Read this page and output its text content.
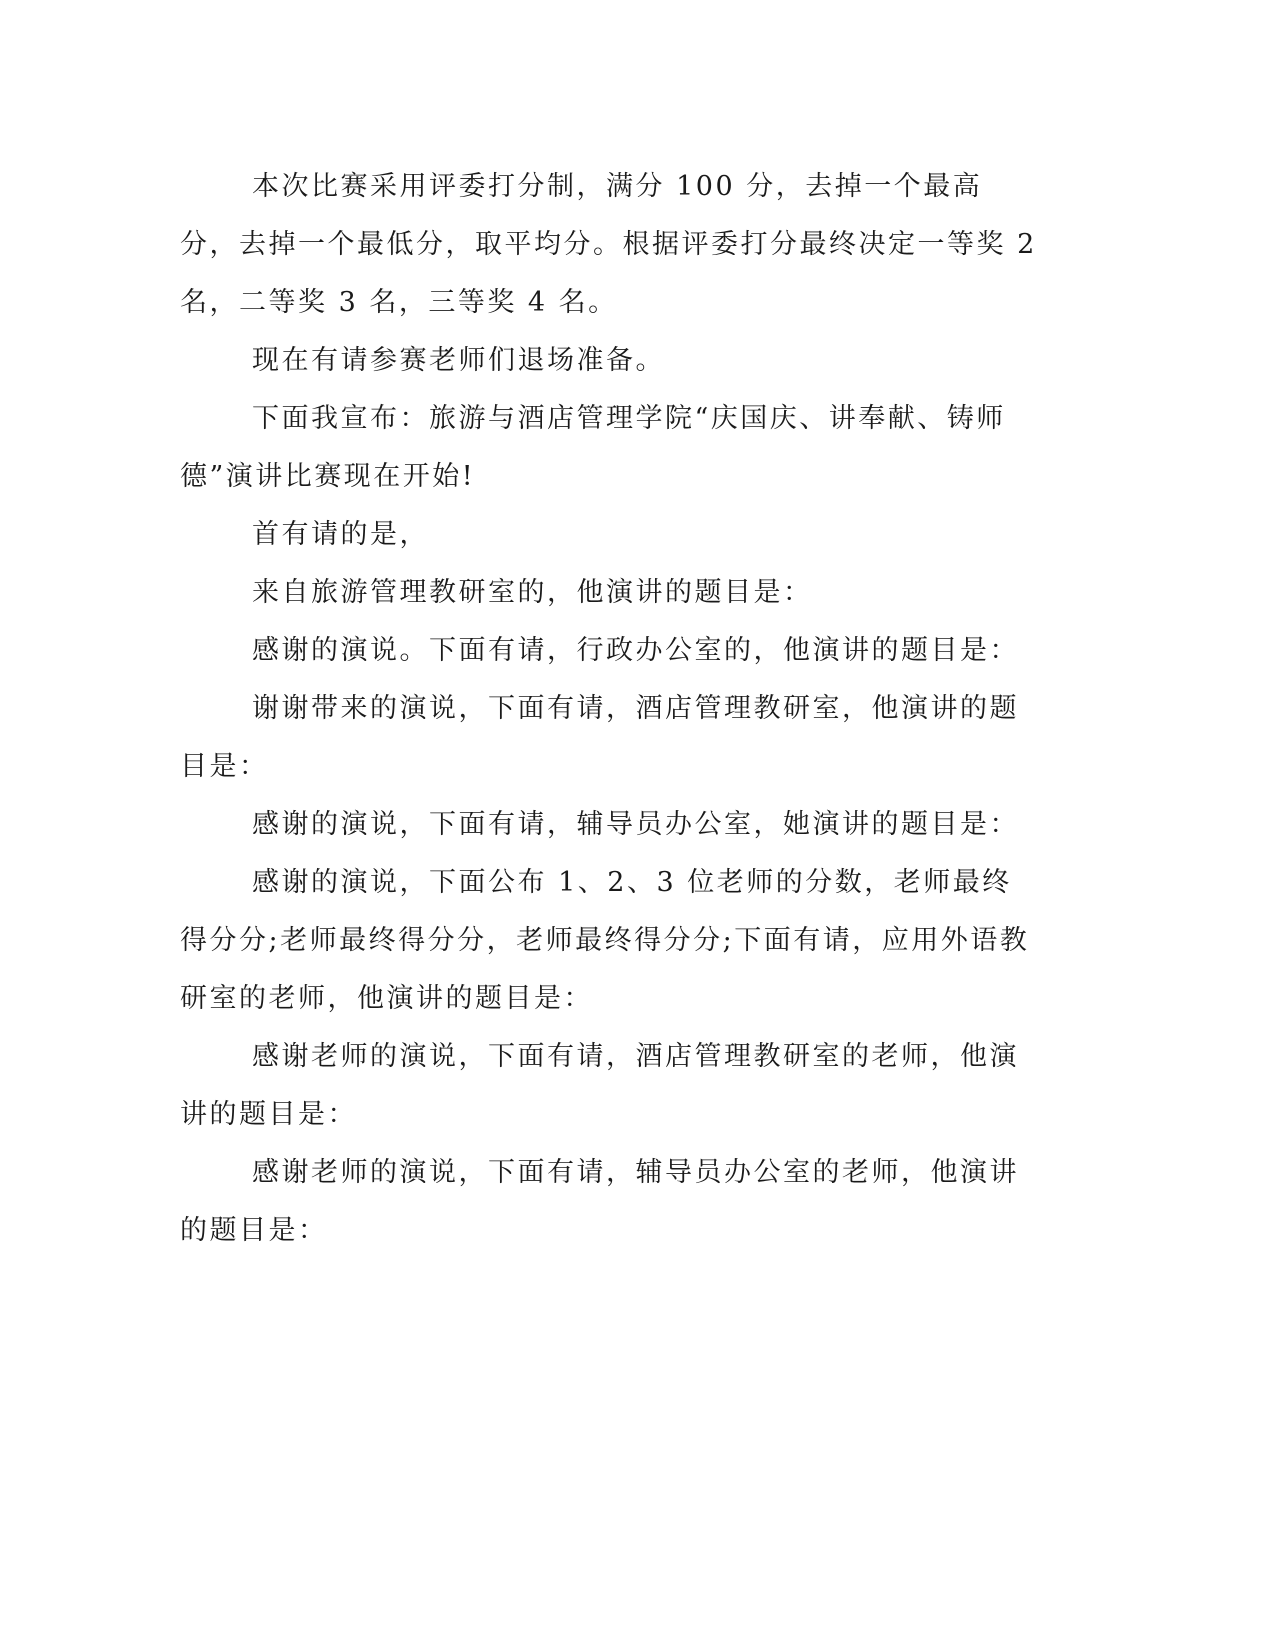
本次比赛采用评委打分制，满分 100 分，去掉一个最高分，去掉一个最低分，取平均分。根据评委打分最终决定一等奖 2 名，二等奖 3 名，三等奖 4 名。

现在有请参赛老师们退场准备。

下面我宣布：旅游与酒店管理学院“庆国庆、讲奉献、铸师德”演讲比赛现在开始!

首有请的是，

来自旅游管理教研室的，他演讲的题目是：

感谢的演说。下面有请，行政办公室的，他演讲的题目是：

谢谢带来的演说，下面有请，酒店管理教研室，他演讲的题目是：

感谢的演说，下面有请，辅导员办公室，她演讲的题目是：

感谢的演说，下面公布 1、2、3 位老师的分数，老师最终得分分;老师最终得分分，老师最终得分分;下面有请，应用外语教研室的老师，他演讲的题目是：

感谢老师的演说，下面有请，酒店管理教研室的老师，他演讲的题目是：

感谢老师的演说，下面有请，辅导员办公室的老师，他演讲的题目是：
